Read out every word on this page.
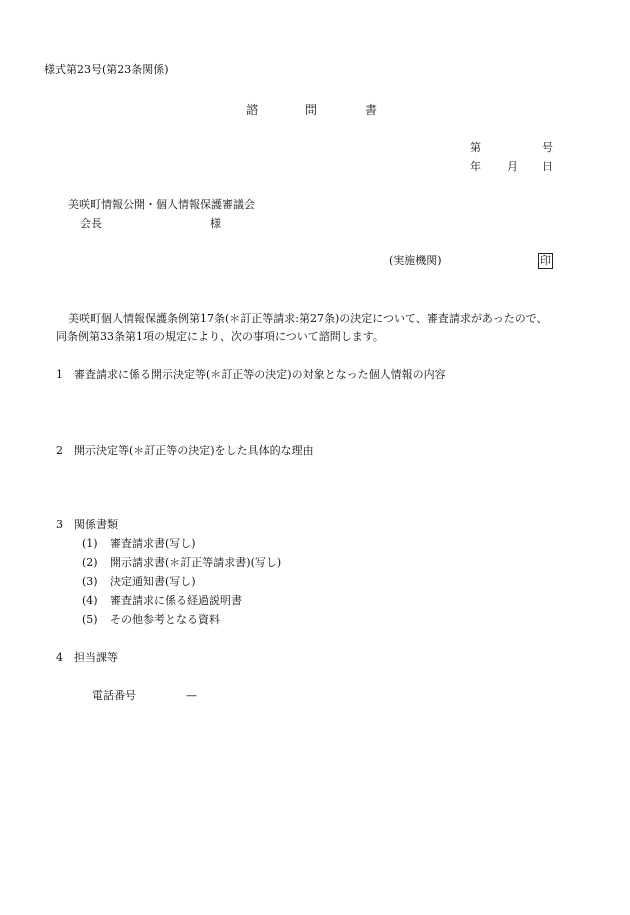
様式第23号(第23条関係)
諮	問	書
第	号
年 月 日
美咲町情報公開・個人情報保護審議会
会長	様
(実施機関)	印
美咲町個人情報保護条例第17条(＊訂正等請求:第27条)の決定について、審査請求があったので、
同条例第33条第1項の規定により、次の事項について諮問します。
1 審査請求に係る開示決定等(＊訂正等の決定)の対象となった個人情報の内容
2 開示決定等(＊訂正等の決定)をした具体的な理由
3 関係書類
(1) 審査請求書(写し)
(2) 開示請求書(＊訂正等請求書)(写し)
(3) 決定通知書(写し)
(4) 審査請求に係る経過説明書
(5) その他参考となる資料
4 担当課等
電話番号	—
